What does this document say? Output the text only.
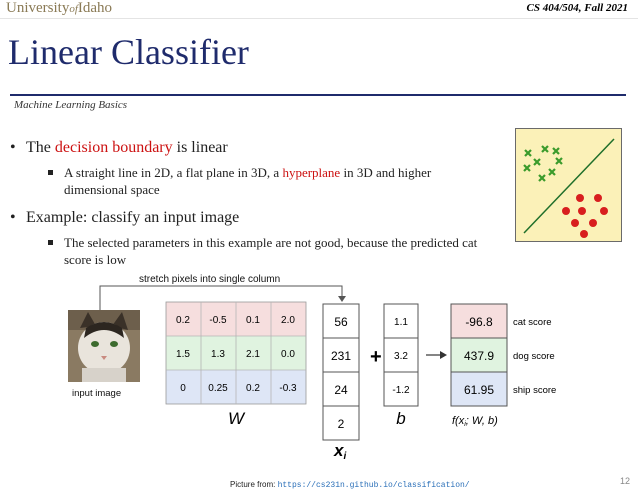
UniversityofIdaho	CS 404/504, Fall 2021
Linear Classifier
Machine Learning Basics
• The decision boundary is linear
A straight line in 2D, a flat plane in 3D, a hyperplane in 3D and higher dimensional space
• Example: classify an input image
The selected parameters in this example are not good, because the predicted cat score is low
stretch pixels into single column
input image
0.2 -0.5 0.1 2.0
1.5 1.3 2.1 0.0
0 0.25 0.2 -0.3
W
56
231
24
2
xi
+
1.1
3.2
-1.2
b
-96.8
437.9
61.95
cat score
dog score
ship score
f(xi; W, b)
Picture from: https://cs231n.github.io/classification/	12
